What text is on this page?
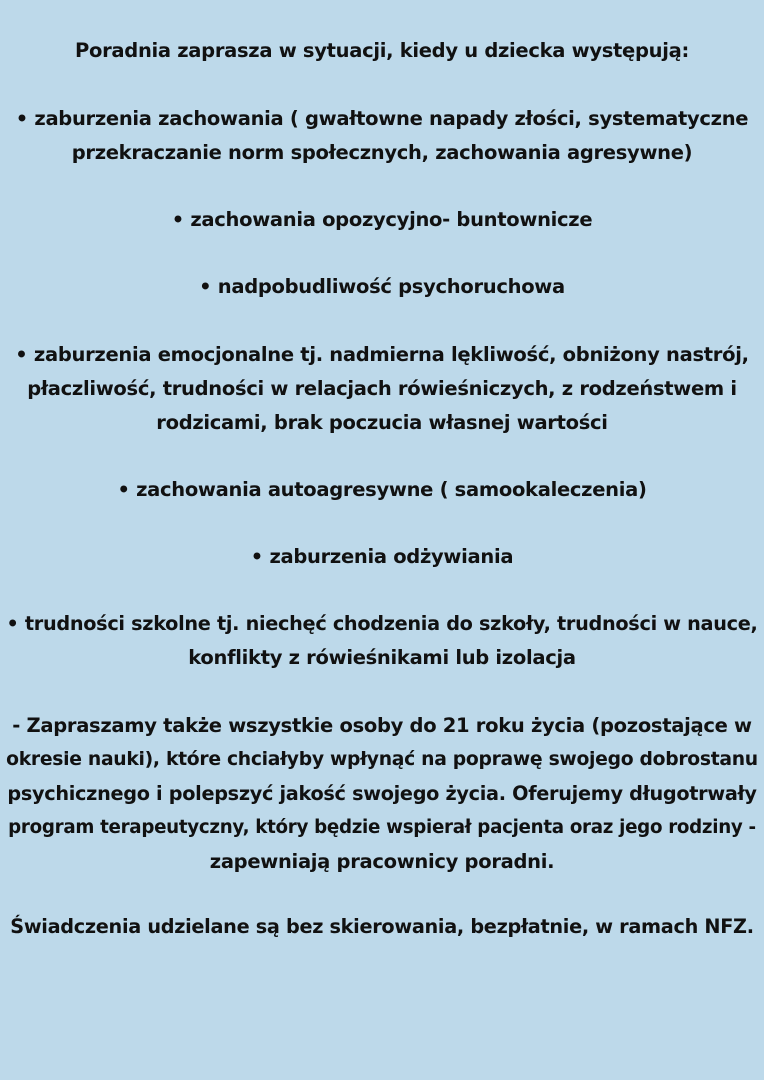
Poradnia zaprasza w sytuacji, kiedy u dziecka występują:

• zaburzenia zachowania ( gwałtowne napady złości, systematyczne

przekraczanie norm społecznych, zachowania agresywne)

• zachowania opozycyjno- buntownicze

• nadpobudliwość psychoruchowa

• zaburzenia emocjonalne tj. nadmierna lękliwość, obniżony nastrój,

płaczliwość, trudności w relacjach rówieśniczych, z rodzeństwem i

rodzicami, brak poczucia własnej wartości

• zachowania autoagresywne ( samookaleczenia)

• zaburzenia odżywiania

• trudności szkolne tj. niechęć chodzenia do szkoły, trudności w nauce,

konflikty z rówieśnikami lub izolacja

- Zapraszamy także wszystkie osoby do 21 roku życia (pozostające w

okresie nauki), które chciałyby wpłynąć na poprawę swojego dobrostanu

psychicznego i polepszyć jakość swojego życia. Oferujemy długotrwały

program terapeutyczny, który będzie wspierał pacjenta oraz jego rodziny -

zapewniają pracownicy poradni.

Świadczenia udzielane są bez skierowania, bezpłatnie, w ramach NFZ.
